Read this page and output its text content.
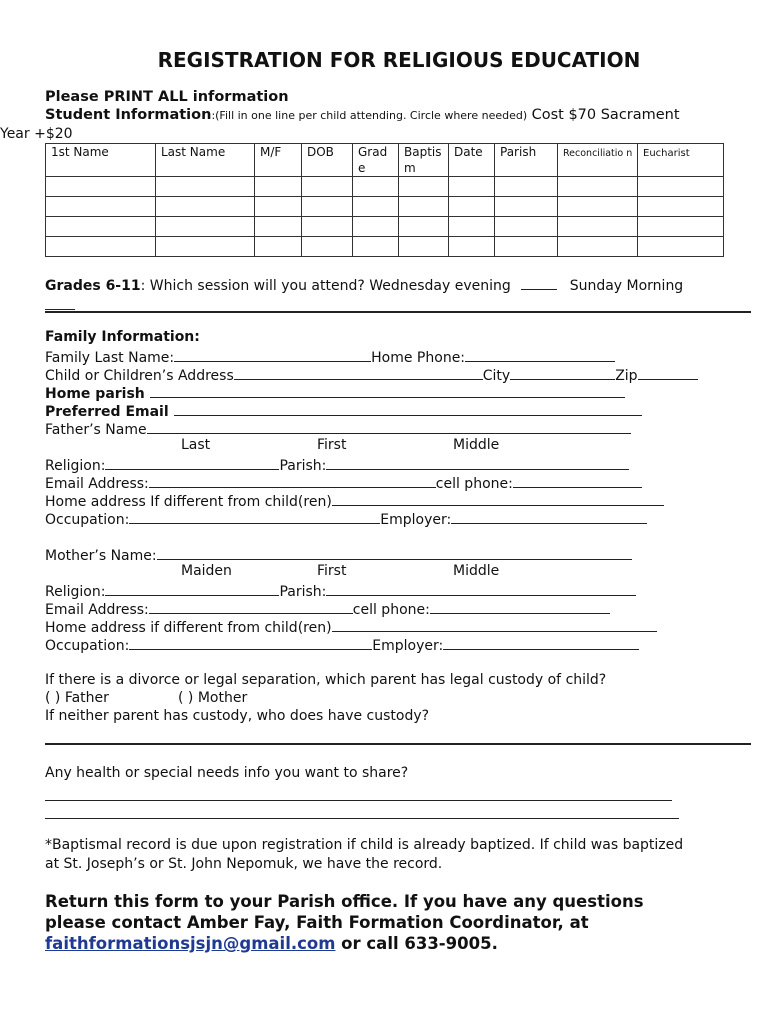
REGISTRATION FOR RELIGIOUS EDUCATION
Please PRINT ALL information
Student Information:(Fill in one line per child attending. Circle where needed) Cost $70 Sacrament
Year +$20
1st Name	Last Name	M/F	DOB	Grad e	Baptis m	Date	Parish	Reconciliatio n	Eucharist

Grades 6-11: Which session will you attend? Wednesday evening	Sunday Morning
Family Information:
Family Last Name:	Home Phone:
Child or Children’s Address	City	Zip
Home parish
Preferred Email
Father’s Name
Last	First	Middle
Religion:	Parish:
Email Address:	cell phone:
Home address If different from child(ren)
Occupation:	Employer:
Mother’s Name:
Maiden	First	Middle
Religion:	Parish:
Email Address:	cell phone:
Home address if different from child(ren)
Occupation:	Employer:
If there is a divorce or legal separation, which parent has legal custody of child?
( ) Father	( ) Mother
If neither parent has custody, who does have custody?
Any health or special needs info you want to share?
*Baptismal record is due upon registration if child is already baptized. If child was baptized
at St. Joseph’s or St. John Nepomuk, we have the record.
Return this form to your Parish office. If you have any questions
please contact Amber Fay, Faith Formation Coordinator, at
faithformationsjsjn@gmail.com or call 633-9005.
